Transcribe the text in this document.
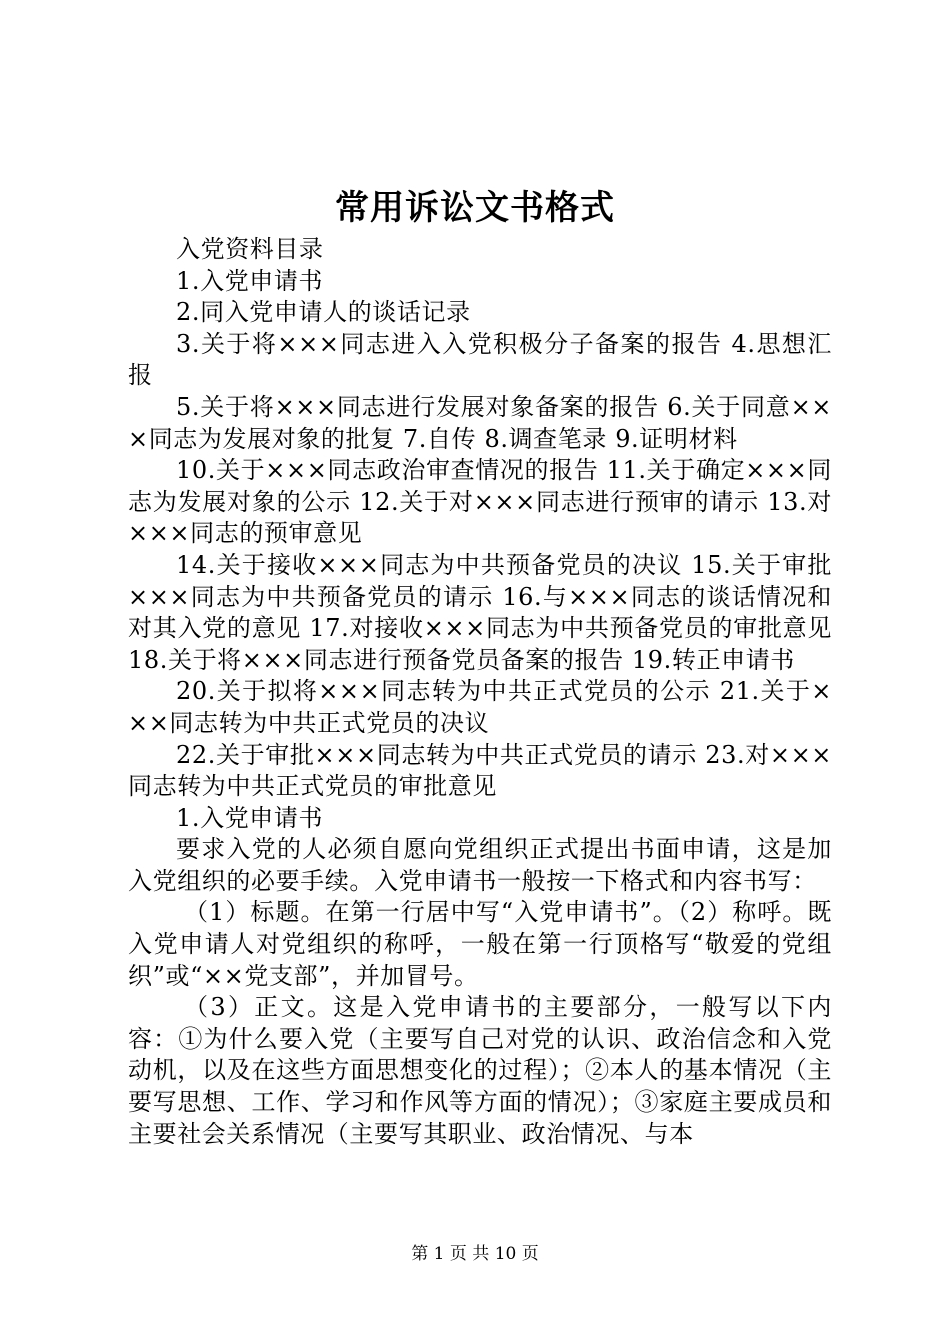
常用诉讼文书格式

入党资料目录

1.入党申请书

2.同入党申请人的谈话记录

3.关于将×××同志进入入党积极分子备案的报告 4.思想汇报

5.关于将×××同志进行发展对象备案的报告 6.关于同意×××同志为发展对象的批复 7.自传 8.调查笔录 9.证明材料

10.关于×××同志政治审查情况的报告 11.关于确定×××同志为发展对象的公示 12.关于对×××同志进行预审的请示 13.对×××同志的预审意见

14.关于接收×××同志为中共预备党员的决议 15.关于审批×××同志为中共预备党员的请示 16.与×××同志的谈话情况和对其入党的意见 17.对接收×××同志为中共预备党员的审批意见 18.关于将×××同志进行预备党员备案的报告 19.转正申请书

20.关于拟将×××同志转为中共正式党员的公示 21.关于×××同志转为中共正式党员的决议

22.关于审批×××同志转为中共正式党员的请示 23.对×××同志转为中共正式党员的审批意见

1.入党申请书

要求入党的人必须自愿向党组织正式提出书面申请，这是加入党组织的必要手续。入党申请书一般按一下格式和内容书写：

（1）标题。在第一行居中写“入党申请书”。（2）称呼。既入党申请人对党组织的称呼，一般在第一行顶格写“敬爱的党组织”或“××党支部”，并加冒号。

（3）正文。这是入党申请书的主要部分，一般写以下内容：①为什么要入党（主要写自己对党的认识、政治信念和入党动机，以及在这些方面思想变化的过程）；②本人的基本情况（主要写思想、工作、学习和作风等方面的情况）；③家庭主要成员和主要社会关系情况（主要写其职业、政治情况、与本

第 1 页 共 10 页
